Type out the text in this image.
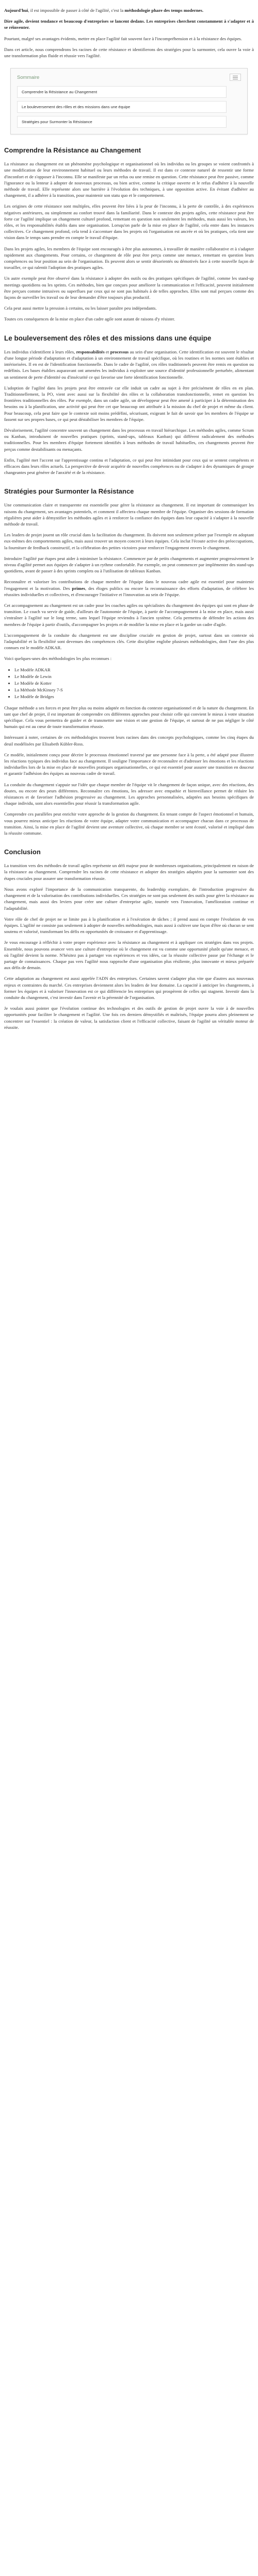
Aujourd'hui, il est impossible de passer à côté de l'agilité, c'est la méthodologie phare des temps modernes.

Dire agile, devient tendance et beaucoup d'entreprises se lancent dedans. Les entreprises cherchent constamment à s'adapter et à se réinventer.

Pourtant, malgré ses avantages évidents, mettre en place l'agilité fait souvent face à l'incompréhension et à la résistance des équipes.

Dans cet article, nous comprendrons les racines de cette résistance et identifierons des stratégies pour la surmonter, cela ouvre la voie à une transformation plus fluide et réussie vers l'agilité.

Sommaire
Comprendre la Résistance au Changement
Le bouleversement des rôles et des missions dans une équipe
Stratégies pour Surmonter la Résistance
Comprendre la Résistance au Changement

La résistance au changement est un phénomène psychologique et organisationnel où les individus ou les groupes se voient confrontés à une modification de leur environnement habituel ou leurs méthodes de travail. Il est dans ce contexte naturel de ressentir une forme d'inconfort et de s'opposer à l'inconnu. Elle se manifeste par un refus ou une remise en question. Cette résistance peut être passive, comme l'ignorance ou la lenteur à adopter de nouveaux processus, ou bien active, comme la critique ouverte et le refus d'adhérer à la nouvelle méthode de travail. Elle représente alors une barrière à l'évolution des techniques, à une opposition active. En évitant d'adhérer au changement, il a adhérer à la transition, pour maintenir son statu quo et le comportement.

Les origines de cette résistance sont multiples, elles peuvent être liées à la peur de l'inconnu, à la perte de contrôle, à des expériences négatives antérieures, ou simplement au confort trouvé dans la familiarité. Dans le contexte des projets agiles, cette résistance peut être forte car l'agilité implique un changement culturel profond, remettant en question non seulement les méthodes, mais aussi les valeurs, les rôles, et les responsabilités établis dans une organisation. Lorsqu'on parle de la mise en place de l'agilité, cela entre dans les instances collectives. Ce changement profond, cela tend à s'accentuer dans les projets où l'organisation est ancrée et où les pratiques, cela tient une vision dans le temps sans prendre en compte le travail d'équipe.

Dans les projets agiles, les membres de l'équipe sont encouragés à être plus autonomes, à travailler de manière collaborative et à s'adapter rapidement aux changements. Pour certains, ce changement de rôle peut être perçu comme une menace, remettant en question leurs compétences ou leur position au sein de l'organisation. Ils peuvent alors se sentir désorientés ou démotivés face à cette nouvelle façon de travailler, ce qui ralentit l'adoption des pratiques agiles.

Un autre exemple peut être observé dans la résistance à adopter des outils ou des pratiques spécifiques de l'agilité, comme les stand-up meetings quotidiens ou les sprints. Ces méthodes, bien que conçues pour améliorer la communication et l'efficacité, peuvent initialement être perçues comme intrusives ou superflues par ceux qui ne sont pas habitués à de telles approches. Elles sont mal perçues comme des façons de surveiller les travail ou de leur demander d'être toujours plus productif.

Cela peut aussi mettre la pression à certains, ou les laisser paraître peu indépendants.

Toutes ces conséquences de la mise en place d'un cadre agile sont autant de raisons d'y résister.

Le bouleversement des rôles et des missions dans une équipe

Les individus s'identifient à leurs rôles, responsabilités et processus au sein d'une organisation. Cette identification est souvent le résultat d'une longue période d'adaptation et d'adaptation à un environnement de travail spécifique, où les routines et les normes sont établies et intériorisées. Il en est de l'identification fonctionnelle. Dans le cadre de l'agilité, ces rôles traditionnels peuvent être remis en question ou redéfinis. Les bases établies auparavant ont amenées les individus à exploiter une source d'identité professionnelle perturbée, alimentant un sentiment de perte d'identité ou d'insécurité ce qui favorise une forte identification fonctionnelle.

L'adoption de l'agilité dans les projets peut être entravée car elle induit un cadre au sujet à être précisément de rôles en en plan. Traditionnellement, la PO, vient avec aussi sur la flexibilité des rôles et la collaboration transfonctionnelle, remet en question les frontières traditionnelles des rôles. Par exemple, dans un cadre agile, un développeur peut être amené à participer à la détermination des besoins ou à la planification, une activité qui peut être cet que beaucoup ont attribuée à la mission du chef de projet et même du client. Pour beaucoup, cela peut faire que le contexte soit moins prédéfini, sécurisant, exigeant le fait de savoir que les membres de l'équipe se fassent sur ses propres bases, ce qui peut déstabiliser les membres de l'équipe.

Dévalorisement, l'agilité concentre souvent un changement dans les processus en travail hiérarchique. Les méthodes agiles, comme Scrum ou Kanban, introduisent de nouvelles pratiques (sprints, stand-ups, tableaux Kanban) qui diffèrent radicalement des méthodes traditionnelles. Pour les membres d'équipe fortement identifiés à leurs méthodes de travail habituelles, ces changements peuvent être perçus comme destabilisants ou menaçants.

Enfin, l'agilité met l'accent sur l'apprentissage continu et l'adaptation, ce qui peut être intimidant pour ceux qui se sentent compétents et efficaces dans leurs rôles actuels. La perspective de devoir acquérir de nouvelles compétences ou de s'adapter à des dynamiques de groupe changeantes peut générer de l'anxiété et de la résistance.

Stratégies pour Surmonter la Résistance

Une communication claire et transparente est essentielle pour gérer la résistance au changement. Il est important de communiquer les raisons du changement, ses avantages potentiels, et comment il affectera chaque membre de l'équipe. Organiser des sessions de formation régulières peut aider à démystifier les méthodes agiles et à renforcer la confiance des équipes dans leur capacité à s'adapter à la nouvelle méthode de travail.

Les leaders de projet jouent un rôle crucial dans la facilitation du changement. Ils doivent non seulement prôner par l'exemple en adoptant eux-mêmes des comportements agiles, mais aussi trouver un moyen concret à leurs équipes. Cela inclut l'écoute active des préoccupations, la fourniture de feedback constructif, et la célébration des petites victoires pour renforcer l'engagement envers le changement.

Introduire l'agilité par étapes peut aider à minimiser la résistance. Commencer par de petits changements et augmenter progressivement le niveau d'agilité permet aux équipes de s'adapter à un rythme confortable. Par exemple, on peut commencer par implémenter des stand-ups quotidiens, avant de passer à des sprints complets ou à l'utilisation de tableaux Kanban.

Reconnaître et valoriser les contributions de chaque membre de l'équipe dans le nouveau cadre agile est essentiel pour maintenir l'engagement et la motivation. Des primes, des éloges publics ou encore la reconnaissance des efforts d'adaptation, de célébrer les réussites individuelles et collectives, et d'encourager l'initiative et l'innovation au sein de l'équipe.

Cet accompagnement au changement est un cadre pour les coaches agiles ou spécialistes du changement des équipes qui sont en phase de transition. Le coach va servir de guide, d'ailleurs de l'autonomie de l'équipe, à partir de l'accompagnement à la mise en place, mais aussi s'entraîner à l'agilité sur le long terme, sans lequel l'équipe reviendra à l'ancien système. Cela permettra de défendre les actions des membres de l'équipe à partir d'outils, d'accompagner les projets et de modifier la mise en place et la garder un cadre d'agile.

L'accompagnement de la conduite du changement est une discipline cruciale en gestion de projet, surtout dans un contexte où l'adaptabilité et la flexibilité sont devenues des compétences clés. Cette discipline englobe plusieurs méthodologies, dont l'une des plus connues est le modèle ADKAR.

Voici quelques-unes des méthodologies les plus reconnues :

• Le Modèle ADKAR
• Le Modèle de Lewin
• Le Modèle de Kotter
• La Méthode McKinsey 7-S
• Le Modèle de Bridges

Chaque méthode a ses forces et peut être plus ou moins adaptée en fonction du contexte organisationnel et de la nature du changement. En tant que chef de projet, il est important de comprendre ces différentes approches pour choisir celle qui convient le mieux à votre situation spécifique. Cela vous permettra de guider et de transmettre une vision et une gestion de l'équipe, et surtout de ne pas négliger le côté humain qui est au cœur de toute transformation réussie.

Intéressant à noter, certaines de ces méthodologies trouvent leurs racines dans des concepts psychologiques, comme les cinq étapes du deuil modélisées par Elisabeth Kübler-Ross.

Ce modèle, initialement conçu pour décrire le processus émotionnel traversé par une personne face à la perte, a été adapté pour illustrer les réactions typiques des individus face au changement. Il souligne l'importance de reconnaître et d'adresser les émotions et les réactions individuelles lors de la mise en place de nouvelles pratiques organisationnelles, ce qui est essentiel pour assurer une transition en douceur et garantir l'adhésion des équipes au nouveau cadre de travail.

La conduite du changement s'appuie sur l'idée que chaque membre de l'équipe vit le changement de façon unique, avec des réactions, des doutes, ou encore des peurs différentes. Reconnaître ces émotions, les adresser avec empathie et bienveillance permet de réduire les résistances et de favoriser l'adhésion progressive au changement. Les approches personnalisées, adaptées aux besoins spécifiques de chaque individu, sont alors essentielles pour réussir la transformation agile.

Comprendre ces parallèles peut enrichir votre approche de la gestion du changement. En tenant compte de l'aspect émotionnel et humain, vous pourrez mieux anticiper les réactions de votre équipe, adapter votre communication et accompagner chacun dans ce processus de transition. Ainsi, la mise en place de l'agilité devient une aventure collective, où chaque membre se sent écouté, valorisé et impliqué dans la réussite commune.

Conclusion

La transition vers des méthodes de travail agiles représente un défi majeur pour de nombreuses organisations, principalement en raison de la résistance au changement. Comprendre les racines de cette résistance et adopter des stratégies adaptées pour la surmonter sont des étapes cruciales pour assurer une transformation réussie.

Nous avons exploré l'importance de la communication transparente, du leadership exemplaire, de l'introduction progressive du changement et de la valorisation des contributions individuelles. Ces stratégies ne sont pas seulement des outils pour gérer la résistance au changement, mais aussi des leviers pour créer une culture d'entreprise agile, tournée vers l'innovation, l'amélioration continue et l'adaptabilité.

Votre rôle de chef de projet ne se limite pas à la planification et à l'exécution de tâches ; il prend aussi en compte l'évolution de vos équipes. L'agilité ne consiste pas seulement à adopter de nouvelles méthodologies, mais aussi à cultiver une façon d'être où chacun se sent soutenu et valorisé, transformant les défis en opportunités de croissance et d'apprentissage.

Je vous encourage à réfléchir à votre propre expérience avec la résistance au changement et à appliquer ces stratégies dans vos projets. Ensemble, nous pouvons avancer vers une culture d'entreprise où le changement est vu comme une opportunité plutôt qu'une menace, et où l'agilité devient la norme. N'hésitez pas à partager vos expériences et vos idées, car la réussite collective passe par l'échange et le partage de connaissances. Chaque pas vers l'agilité nous rapproche d'une organisation plus résiliente, plus innovante et mieux préparée aux défis de demain.

Cette adaptation au changement est aussi appelée l'ADN des entreprises. Certaines savent s'adapter plus vite que d'autres aux nouveaux enjeux et contraintes du marché. Ces entreprises deviennent alors les leaders de leur domaine. La capacité à anticiper les changements, à former les équipes et à valoriser l'innovation est ce qui différencie les entreprises qui prospèrent de celles qui stagnent. Investir dans la conduite du changement, c'est investir dans l'avenir et la pérennité de l'organisation.

Je voulais aussi pointer que l'évolution continue des technologies et des outils de gestion de projet ouvre la voie à de nouvelles opportunités pour faciliter le changement et l'agilité. Une fois ces derniers démystifiés et maîtrisés, l'équipe pourra alors pleinement se concentrer sur l'essentiel : la création de valeur, la satisfaction client et l'efficacité collective, faisant de l'agilité un véritable moteur de réussite.
